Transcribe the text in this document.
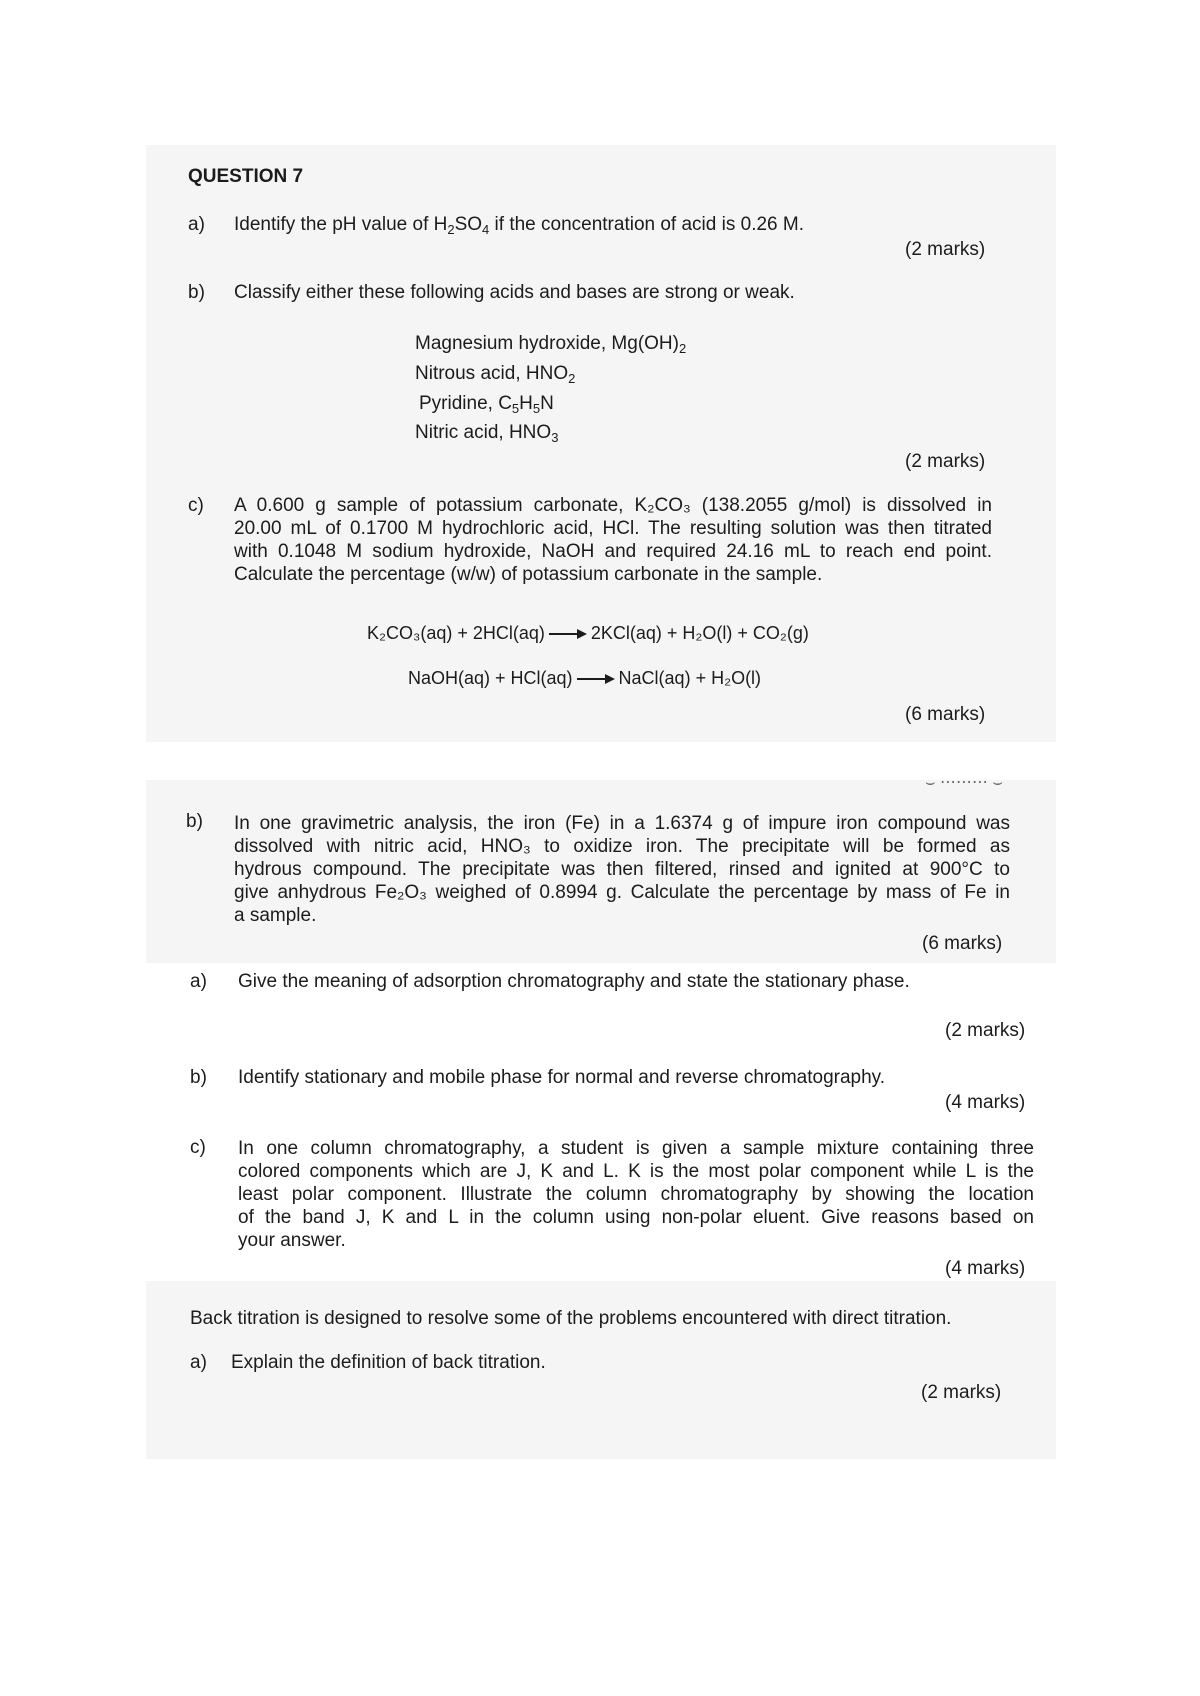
QUESTION 7
a) Identify the pH value of $H_2SO_4$ if the concentration of acid is 0.26 M.
(2 marks)
b) Classify either these following acids and bases are strong or weak.
Magnesium hydroxide, $Mg(OH)_2$
Nitrous acid, $HNO_2$
Pyridine, $C_5H_5N$
Nitric acid, $HNO_3$
(2 marks)
c) A 0.600 g sample of potassium carbonate, K₂CO₃ (138.2055 g/mol) is dissolved in
20.00 mL of 0.1700 M hydrochloric acid, HCl. The resulting solution was then titrated
with 0.1048 M sodium hydroxide, NaOH and required 24.16 mL to reach end point.
Calculate the percentage (w/w) of potassium carbonate in the sample.
K₂CO₃(aq) + 2HCl(aq) → 2KCl(aq) + H₂O(l) + CO₂(g)
NaOH(aq) + HCl(aq) → NaCl(aq) + H₂O(l)
(6 marks)
⌣ ⋯⋯⋯ ⌣
b) In one gravimetric analysis, the iron (Fe) in a 1.6374 g of impure iron compound was
dissolved with nitric acid, HNO₃ to oxidize iron. The precipitate will be formed as
hydrous compound. The precipitate was then filtered, rinsed and ignited at 900°C to
give anhydrous Fe₂O₃ weighed of 0.8994 g. Calculate the percentage by mass of Fe in
a sample.
(6 marks)
a) Give the meaning of adsorption chromatography and state the stationary phase.
(2 marks)
b) Identify stationary and mobile phase for normal and reverse chromatography.
(4 marks)
c) In one column chromatography, a student is given a sample mixture containing three
colored components which are J, K and L. K is the most polar component while L is the
least polar component. Illustrate the column chromatography by showing the location
of the band J, K and L in the column using non-polar eluent. Give reasons based on
your answer.
(4 marks)
Back titration is designed to resolve some of the problems encountered with direct titration.
a) Explain the definition of back titration.
(2 marks)
